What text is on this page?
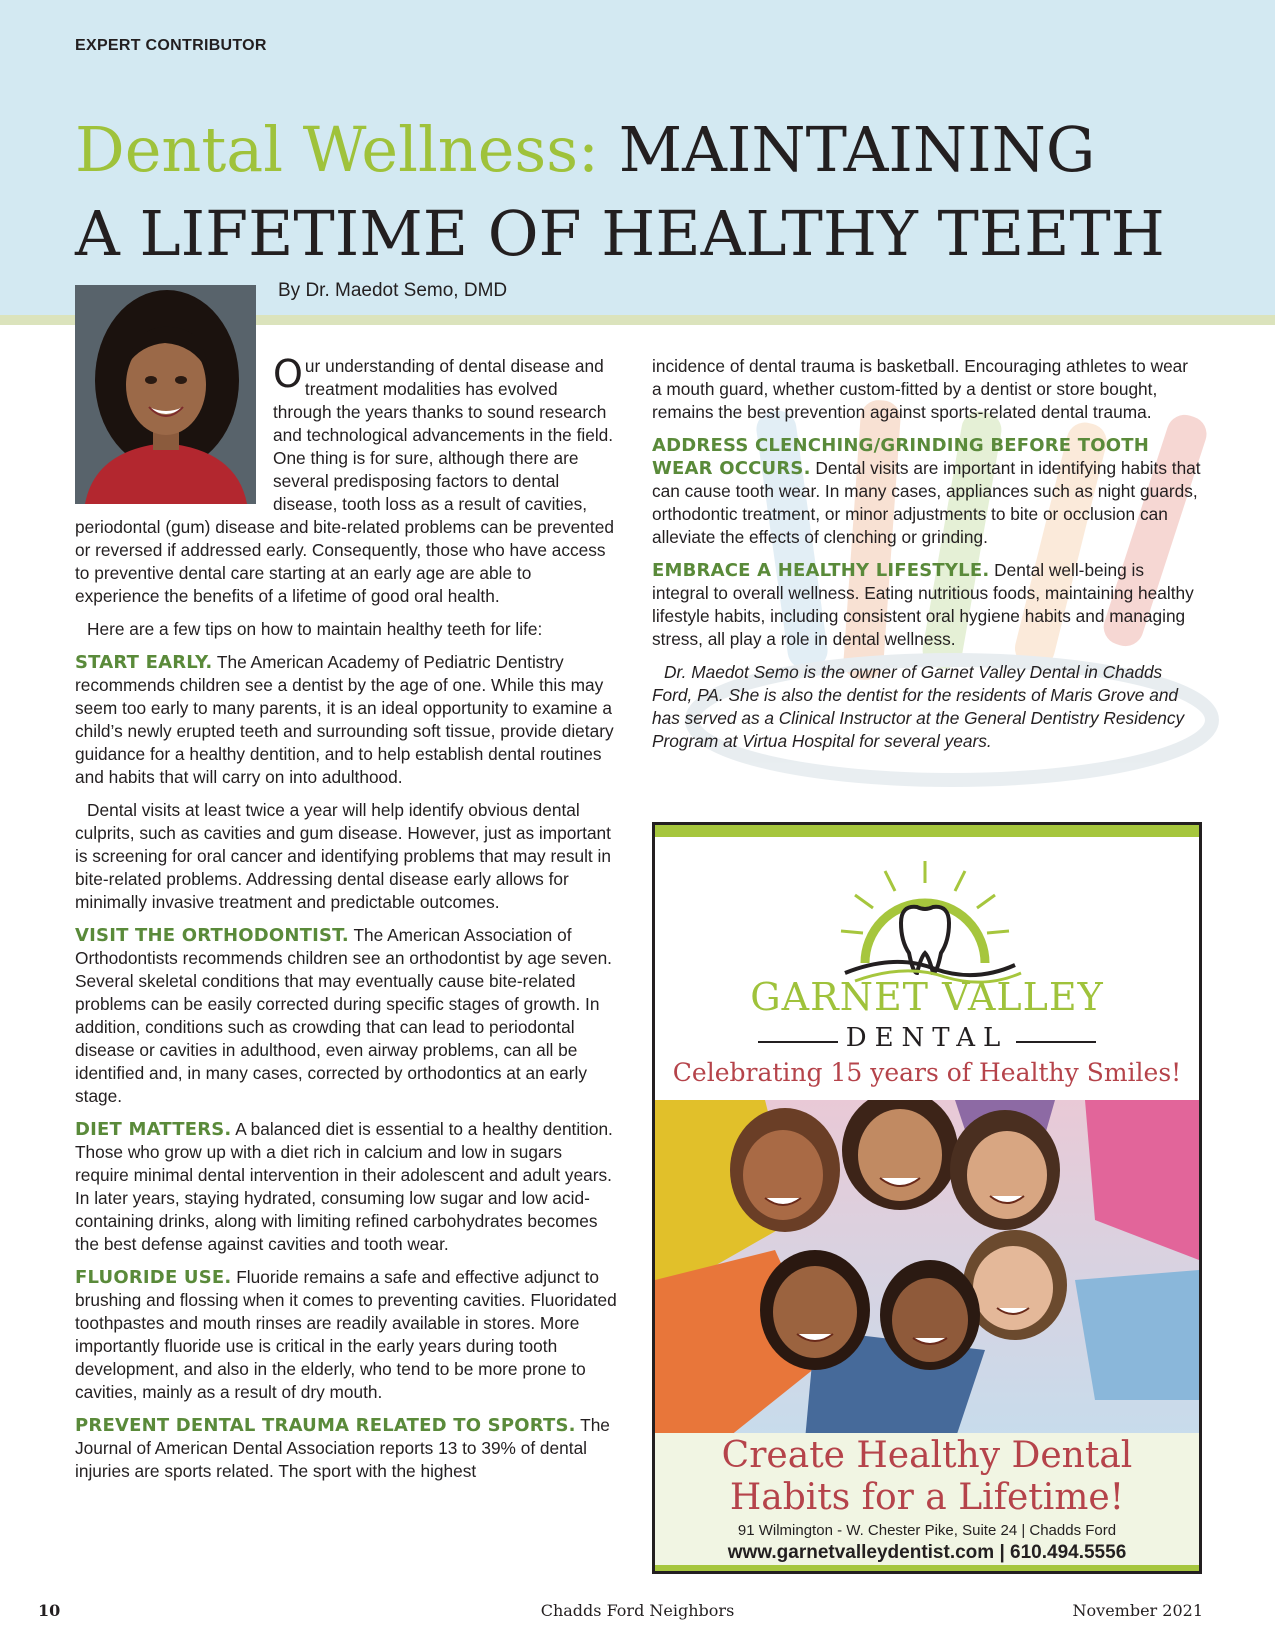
EXPERT CONTRIBUTOR
Dental Wellness: MAINTAINING
A LIFETIME OF HEALTHY TEETH
By Dr. Maedot Semo, DMD

Our understanding of dental disease and treatment modalities has evolved through the years thanks to sound research and technological advancements in the field. One thing is for sure, although there are several predisposing factors to dental disease, tooth loss as a result of cavities, periodontal (gum) disease and bite-related problems can be prevented or reversed if addressed early. Consequently, those who have access to preventive dental care starting at an early age are able to experience the benefits of a lifetime of good oral health.

Here are a few tips on how to maintain healthy teeth for life:

START EARLY. The American Academy of Pediatric Dentistry recommends children see a dentist by the age of one. While this may seem too early to many parents, it is an ideal opportunity to examine a child’s newly erupted teeth and surrounding soft tissue, provide dietary guidance for a healthy dentition, and to help establish dental routines and habits that will carry on into adulthood.

Dental visits at least twice a year will help identify obvious dental culprits, such as cavities and gum disease. However, just as important is screening for oral cancer and identifying problems that may result in bite-related problems. Addressing dental disease early allows for minimally invasive treatment and predictable outcomes.

VISIT THE ORTHODONTIST. The American Association of Orthodontists recommends children see an orthodontist by age seven. Several skeletal conditions that may eventually cause bite-related problems can be easily corrected during specific stages of growth. In addition, conditions such as crowding that can lead to periodontal disease or cavities in adulthood, even airway problems, can all be identified and, in many cases, corrected by orthodontics at an early stage.

DIET MATTERS. A balanced diet is essential to a healthy dentition. Those who grow up with a diet rich in calcium and low in sugars require minimal dental intervention in their adolescent and adult years. In later years, staying hydrated, consuming low sugar and low acid-containing drinks, along with limiting refined carbohydrates becomes the best defense against cavities and tooth wear.

FLUORIDE USE. Fluoride remains a safe and effective adjunct to brushing and flossing when it comes to preventing cavities. Fluoridated toothpastes and mouth rinses are readily available in stores. More importantly fluoride use is critical in the early years during tooth development, and also in the elderly, who tend to be more prone to cavities, mainly as a result of dry mouth.

PREVENT DENTAL TRAUMA RELATED TO SPORTS. The Journal of American Dental Association reports 13 to 39% of dental injuries are sports related. The sport with the highest

incidence of dental trauma is basketball. Encouraging athletes to wear a mouth guard, whether custom-fitted by a dentist or store bought, remains the best prevention against sports-related dental trauma.

ADDRESS CLENCHING/GRINDING BEFORE TOOTH WEAR OCCURS. Dental visits are important in identifying habits that can cause tooth wear. In many cases, appliances such as night guards, orthodontic treatment, or minor adjustments to bite or occlusion can alleviate the effects of clenching or grinding.

EMBRACE A HEALTHY LIFESTYLE. Dental well-being is integral to overall wellness. Eating nutritious foods, maintaining healthy lifestyle habits, including consistent oral hygiene habits and managing stress, all play a role in dental wellness.

Dr. Maedot Semo is the owner of Garnet Valley Dental in Chadds Ford, PA. She is also the dentist for the residents of Maris Grove and has served as a Clinical Instructor at the General Dentistry Residency Program at Virtua Hospital for several years.

GARNET VALLEY
DENTAL
Celebrating 15 years of Healthy Smiles!
Create Healthy Dental
Habits for a Lifetime!
91 Wilmington - W. Chester Pike, Suite 24 | Chadds Ford
www.garnetvalleydentist.com | 610.494.5556
10	Chadds Ford Neighbors	November 2021
